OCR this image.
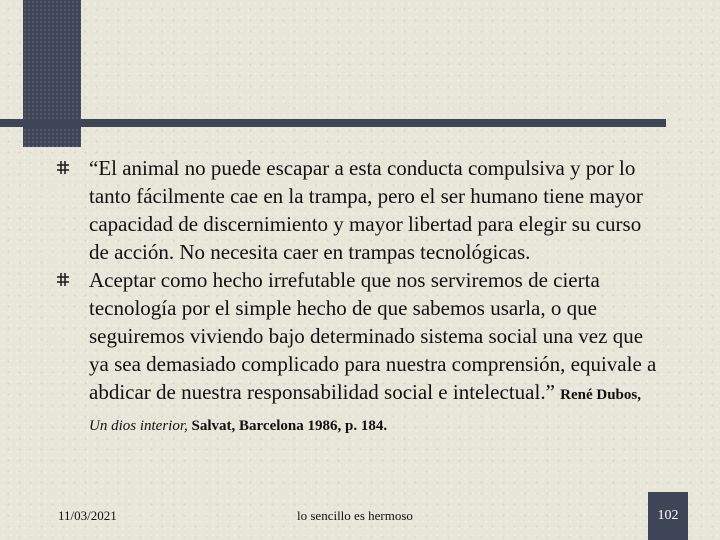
“El animal no puede escapar a esta conducta compulsiva y por lo tanto fácilmente cae en la trampa, pero el ser humano tiene mayor capacidad de discernimiento y mayor libertad para elegir su curso de acción. No necesita caer en trampas tecnológicas.
Aceptar como hecho irrefutable que nos serviremos de cierta tecnología por el simple hecho de que sabemos usarla, o que seguiremos viviendo bajo determinado sistema social una vez que ya sea demasiado complicado para nuestra comprensión, equivale a abdicar de nuestra responsabilidad social e intelectual.” René Dubos, Un dios interior, Salvat, Barcelona 1986, p. 184.
11/03/2021	lo sencillo es hermoso	102
